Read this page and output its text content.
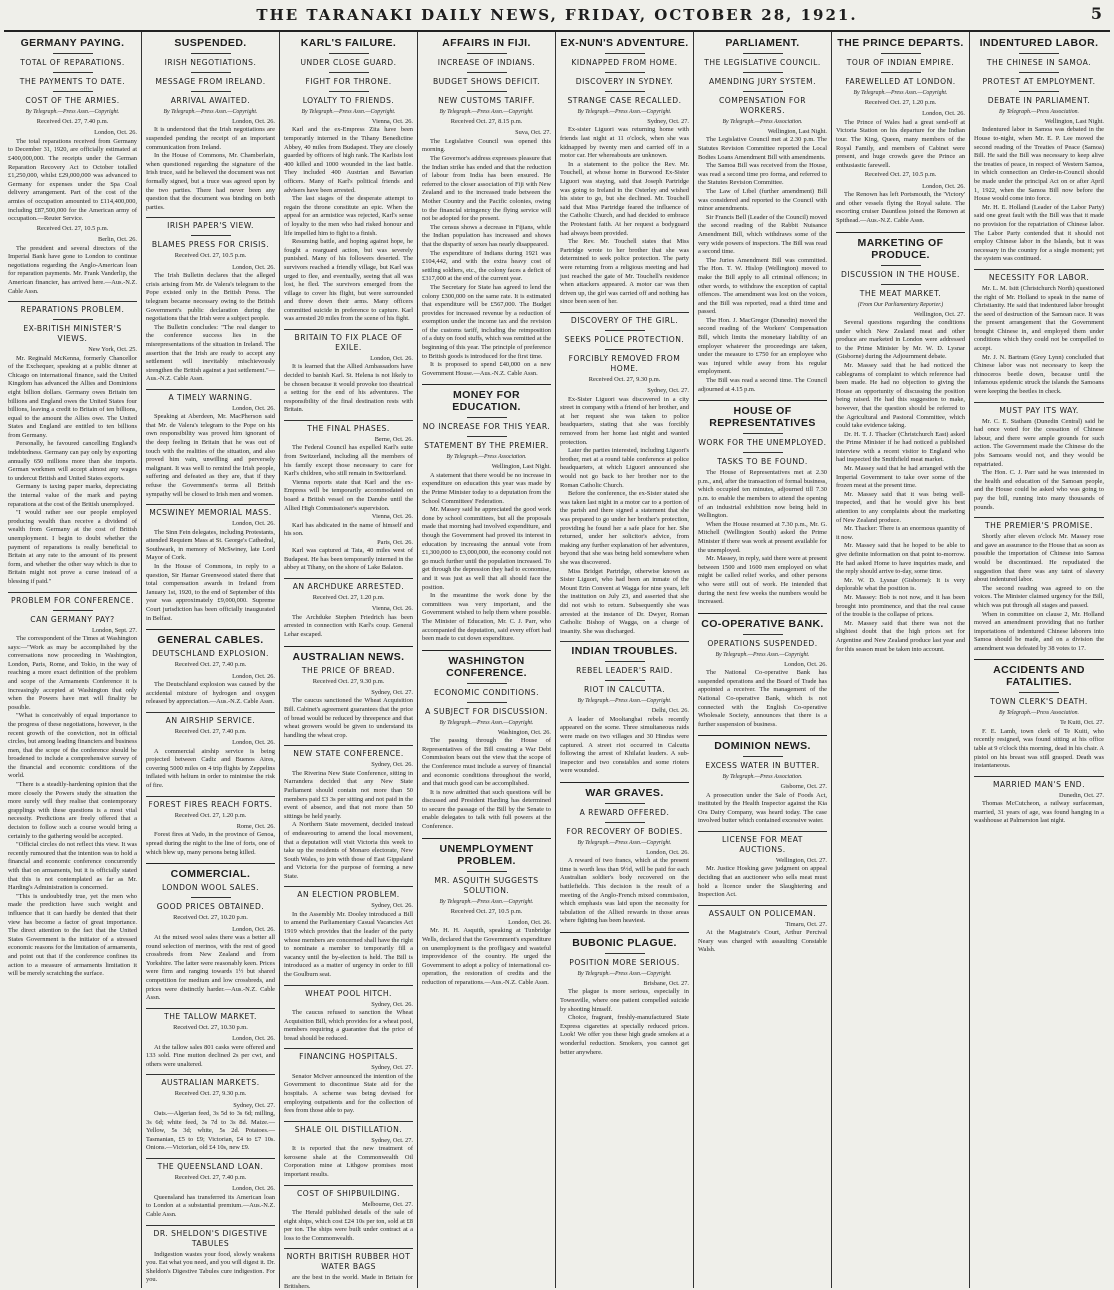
THE TARANAKI DAILY NEWS, FRIDAY, OCTOBER 28, 1921.	5
GERMANY PAYING.
TOTAL OF REPARATIONS.
THE PAYMENTS TO DATE.
COST OF THE ARMIES.
By Telegraph.—Press Assn.—Copyright.
Received Oct. 27, 7.40 p.m.
London, Oct. 26.

The total reparations received from Germany to December 31, 1920, are officially estimated at £400,000,000. The receipts under the German Reparation Recovery Act to October totalled £1,250,000, whilst £29,000,000 was advanced to Germany for expenses under the Spa Coal delivery arrangement. Part of the cost of the armies of occupation amounted to £114,400,000, including £87,500,000 for the American army of occupation.—Reuter Service.

Received Oct. 27, 10.5 p.m.
Berlin, Oct. 26.

The president and several directors of the Imperial Bank have gone to London to continue negotiations regarding the Anglo-American loan for reparation payments. Mr. Frank Vanderlip, the American financier, has arrived here.—Aus.-N.Z. Cable Assn.

REPARATIONS PROBLEM.
EX-BRITISH MINISTER'S VIEWS.
New York, Oct. 25.

Mr. Reginald McKenna, formerly Chancellor of the Exchequer, speaking at a public dinner at Chicago on international finance, said the United Kingdom has advanced the Allies and Dominions eight billion dollars. Germany owes Britain ten billions and England owes the United States four billions, leaving a credit to Britain of ten billions, equal to the amount the Allies owe. The United States and England are entitled to ten billions from Germany.

Personally, he favoured cancelling England's indebtedness. Germany can pay only by exporting annually 650 millions more than she imports. German workmen will accept almost any wages to undercut British and United States exports.

Germany is taxing paper marks, depreciating the internal value of the mark and paying reparations at the cost of the British unemployed.

"I would rather see our people employed producing wealth than receive a dividend of wealth from Germany at the cost of British unemployment. I begin to doubt whether the payment of reparations is really beneficial to Britain at any rate to the amount of its present form, and whether the other way which is due to Britain might not prove a curse instead of a blessing if paid."

PROBLEM FOR CONFERENCE.
CAN GERMANY PAY?
London, Sept. 27.

The correspondent of the Times at Washington says:—"Work as may be accomplished by the conversations now proceeding in Washington, London, Paris, Rome, and Tokio, in the way of reaching a more exact definition of the problem and scope of the Armaments Conference it is increasingly accepted at Washington that only when the Powers have met will finality be possible.

"What is conceivably of equal importance to the progress of these negotiations, however, is the recent growth of the conviction, not in official circles, but among leading financiers and business men, that the scope of the conference should be broadened to include a comprehensive survey of the financial and economic conditions of the world.

"There is a steadily-hardening opinion that the more closely the Powers study the situation the more surely will they realise that contemporary grapplings with these questions is a most vital necessity. Predictions are freely offered that a decision to follow such a course would bring a certainly to the gathering would be accepted.

"Official circles do not reflect this view. It was recently rumoured that the intention was to hold a financial and economic conference concurrently with that on armaments, but it is officially stated that this is not contemplated as far as Mr. Harding's Administration is concerned.

"This is undoubtedly true, yet the men who made the prediction have such weight and influence that it can hardly be denied that their view has become a factor of great importance. The direct attention to the fact that the United States Government is the initiator of a stressed economic reasons for the limitation of armaments, and point out that if the conference confines its action to a measure of armaments limitation it will be merely scratching the surface.

SUSPENDED.
IRISH NEGOTIATIONS.
MESSAGE FROM IRELAND.
ARRIVAL AWAITED.
By Telegraph.—Press Assn.—Copyright.
London, Oct. 26.

It is understood that the Irish negotiations are suspended pending the receipt of an important communication from Ireland.

In the House of Commons, Mr. Chamberlain, when questioned regarding the signature of the Irish truce, said he believed the document was not formally signed, but a truce was agreed upon by the two parties. There had never been any question that the document was binding on both parties.

IRISH PAPER'S VIEW.
BLAMES PRESS FOR CRISIS.
Received Oct. 27, 10.5 p.m.
London, Oct. 26.

The Irish Bulletin declares that the alleged crisis arising from Mr. de Valera's telegram to the Pope existed only in the British Press. The telegram became necessary owing to the British Government's public declaration during the negotiations that the Irish were a subject people.

The Bulletin concludes: "The real danger to the conference success lies in the misrepresentations of the situation in Ireland. The assertion that the Irish are ready to accept any settlement will inevitably mischievously strengthen the British against a just settlement."—Aus.-N.Z. Cable Assn.

A TIMELY WARNING.
London, Oct. 26.

Speaking at Aberdeen, Mr. MacPherson said that Mr. de Valera's telegram to the Pope on his own responsibility was proved him ignorant of the deep feeling in Britain that he was out of touch with the realities of the situation, and also proved him vain, unwilling and perversely malignant. It was well to remind the Irish people, suffering and defeated as they are, that if they refuse the Government's terms all British sympathy will be closed to Irish men and women.

MCSWINEY MEMORIAL MASS.
London, Oct. 26.

The Sinn Fein delegates, including Protestants, attended Requiem Mass at St. George's Cathedral, Southwark, in memory of McSwiney, late Lord Mayor of Cork.

In the House of Commons, in reply to a question, Sir Hamar Greenwood stated there that total compensation awards in Ireland from January 1st, 1920, to the end of September of this year was approximately £9,000,000. Supreme Court jurisdiction has been officially inaugurated in Belfast.

GENERAL CABLES.
DEUTSCHLAND EXPLOSION.
Received Oct. 27, 7.40 p.m.
London, Oct. 26.

The Deutschland explosion was caused by the accidental mixture of hydrogen and oxygen released by appreciation.—Aus.-N.Z. Cable Assn.

AN AIRSHIP SERVICE.
Received Oct. 27, 7.40 p.m.
London, Oct. 26.

A commercial airship service is being projected between Cadiz and Buenos Aires, covering 5000 miles on 4 trip flights by Zeppelins inflated with helium in order to minimise the risk of fire.

FOREST FIRES REACH FORTS.
Received Oct. 27, 1.20 p.m.
Rome, Oct. 26.

Forest fires at Vado, in the province of Genoa, spread during the night to the line of forts, one of which blew up, many persons being killed.

COMMERCIAL.
LONDON WOOL SALES.
GOOD PRICES OBTAINED.
Received Oct. 27, 10.20 p.m.
London, Oct. 26.

At the mixed wool sales there was a better all round selection of merinos, with the rest of good crossbreds from New Zealand and from Yorkshire. The latter were reasonably keen. Prices were firm and ranging towards 1½ but shared competition for medium and low crossbreds, and prices were distinctly harder.—Aus.-N.Z. Cable Assn.

THE TALLOW MARKET.
Received Oct. 27, 10.30 p.m.
London, Oct. 26.

At the tallow sales 801 casks were offered and 133 sold. Fine mutton declined 2s per cwt, and others were unaltered.

AUSTRALIAN MARKETS.
Received Oct. 27, 9.30 p.m.
Sydney, Oct. 27.

Oats.—Algerian feed, 3s 5d to 3s 6d; milling, 3s 6d; white feed, 3s 7d to 3s 8d. Maize.—Yellow, 5s 3d; white, 5s 2d. Potatoes.—Tasmanian, £5 to £9; Victorian, £4 to £7 10s. Onions.—Victorian, old £4 10s, new £9.

THE QUEENSLAND LOAN.
Received Oct. 27, 7.40 p.m.
London, Oct. 26.

Queensland has transferred its American loan to London at a substantial premium.—Aus.-N.Z. Cable Assn.

DR. SHELDON'S DIGESTIVE TABULES

Indigestion wastes your food, slowly weakens you. Eat what you need, and you will digest it. Dr. Sheldon's Digestive Tabules cure indigestion. For you.

KARL'S FAILURE.
UNDER CLOSE GUARD.
FIGHT FOR THRONE.
LOYALTY TO FRIENDS.
By Telegraph.—Press Assn.—Copyright.
Vienna, Oct. 26.

Karl and the ex-Empress Zita have been temporarily interned in the Tihany Benedictine Abbey, 40 miles from Budapest. They are closely guarded by officers of high rank. The Karlists lost 400 killed and 1000 wounded in the last battle. They included 400 Austrian and Bavarian officers. Many of Karl's political friends and advisers have been arrested.

The last stages of the desperate attempt to regain the throne constitute an epic. When the appeal for an armistice was rejected, Karl's sense of loyalty to the men who had risked honour and life impelled him to fight to a finish.

Resuming battle, and hoping against hope, he fought a rearguard action, but was severely punished. Many of his followers deserted. The survivors reached a friendly village, but Karl was urged to flee, and eventually, seeing that all was lost, he fled. The survivors emerged from the village to cover his flight, but were surrounded and threw down their arms. Many officers committed suicide in preference to capture. Karl was arrested 20 miles from the scene of his fight.

BRITAIN TO FIX PLACE OF EXILE.
London, Oct. 26.

It is learned that the Allied Ambassadors have decided to banish Karl. St. Helena is not likely to be chosen because it would provoke too theatrical a setting for the end of his adventures. The responsibility of the final destination rests with Britain.

THE FINAL PHASES.
Berne, Oct. 26.

The Federal Council has expelled Karl's suite from Switzerland, including all the members of his family except those necessary to care for Karl's children, who still remain in Switzerland.

Vienna reports state that Karl and the ex-Empress will be temporarily accommodated on board a British vessel on the Danube until the Allied High Commissioner's supervision.

Vienna, Oct. 26.

Karl has abdicated in the name of himself and his son.

Paris, Oct. 26.

Karl was captured at Tata, 40 miles west of Budapest. He has been temporarily interned in the abbey at Tihany, on the shore of Lake Balaton.

AN ARCHDUKE ARRESTED.
Received Oct. 27, 1.20 p.m.
Vienna, Oct. 26.

The Archduke Stephen Friedrich has been arrested in connection with Karl's coup. General Lehar escaped.

AUSTRALIAN NEWS.
THE PRICE OF BREAD.
Received Oct. 27, 9.30 p.m.
Sydney, Oct. 27.

The caucus sanctioned the Wheat Acquisition Bill. Cabinet's agreement guarantees that the price of bread would be reduced by threepence and that wheat growers would be given to understand its handling the wheat crop.

NEW STATE CONFERENCE.
Sydney, Oct. 26.

The Riverina New State Conference, sitting in Narrandera decided that any New State Parliament should contain not more than 50 members paid £3 3s per sitting and not paid in the event of absence, and that not more than 50 sittings be held yearly.

A Northern State movement, decided instead of endeavouring to amend the local movement, that a deputation will visit Victoria this week to take up the residents of Monaro electorate, New South Wales, to join with those of East Gippsland and Victoria for the purpose of forming a new State.

AN ELECTION PROBLEM.
Sydney, Oct. 26.

In the Assembly Mr. Dooley introduced a Bill to amend the Parliamentary Casual Vacancies Act 1919 which provides that the leader of the party whose members are concerned shall have the right to nominate a member to temporarily fill a vacancy until the by-election is held. The Bill is introduced as a matter of urgency in order to fill the Goulburn seat.

WHEAT POOL HITCH.
Sydney, Oct. 26.

The caucus refused to sanction the Wheat Acquisition Bill, which provides for a wheat pool, members requiring a guarantee that the price of bread should be reduced.

FINANCING HOSPITALS.
Sydney, Oct. 27.

Senator McIver announced the intention of the Government to discontinue State aid for the hospitals. A scheme was being devised for employing outpatients and for the collection of fees from those able to pay.

SHALE OIL DISTILLATION.
Sydney, Oct. 27.

It is reported that the new treatment of kerosene shale at the Commonwealth Oil Corporation mine at Lithgow promises most important results.

COST OF SHIPBUILDING.
Melbourne, Oct. 27.

The Herald published details of the sale of eight ships, which cost £24 10s per ton, sold at £8 per ton. The ships were built under contract at a loss to the Commonwealth.

NORTH BRITISH RUBBER HOT WATER BAGS

are the best in the world. Made in Britain for Britishers.

AFFAIRS IN FIJI.
INCREASE OF INDIANS.
BUDGET SHOWS DEFICIT.
NEW CUSTOMS TARIFF.
By Telegraph.—Press Assn.—Copyright.
Received Oct. 27, 8.15 p.m.
Suva, Oct. 27.

The Legislative Council was opened this morning.

The Governor's address expresses pleasure that the Indian strike has ended and that the reduction of labour from India has been ensured. He referred to the closer association of Fiji with New Zealand and to the increased trade between the Mother Country and the Pacific colonies, owing to the financial stringency the flying service will not be adopted for the present.

The census shows a decrease in Fijians, while the Indian population has increased and shows that the disparity of sexes has nearly disappeared.

The expenditure of Indians during 1921 was £104,442, and with the extra heavy cost of settling soldiers, etc., the colony faces a deficit of £317,000 at the end of the current year.

The Secretary for State has agreed to lend the colony £300,000 on the same rate. It is estimated that expenditure will be £567,000. The Budget provides for increased revenue by a reduction of exemption under the income tax and the revision of the customs tariff, including the reimposition of a duty on food stuffs, which was remitted at the beginning of this year. The principle of preference to British goods is introduced for the first time.

It is proposed to spend £40,000 on a new Government House.—Aus.-N.Z. Cable Assn.

MONEY FOR EDUCATION.
NO INCREASE FOR THIS YEAR.
STATEMENT BY THE PREMIER.
By Telegraph.—Press Association.
Wellington, Last Night.

A statement that there would be no increase in expenditure on education this year was made by the Prime Minister today to a deputation from the School Committees' Federation.

Mr. Massey said he appreciated the good work done by school committees, but all the proposals made that morning had involved expenditure, and though the Government had proved its interest in education by increasing the annual vote from £1,300,000 to £3,000,000, the economy could not go much further until the population increased. To get through the depression they had to economise, and it was just as well that all should face the position.

In the meantime the work done by the committees was very important, and the Government wished to help them where possible. The Minister of Education, Mr. C. J. Parr, who accompanied the deputation, said every effort had been made to cut down expenditure.

WASHINGTON CONFERENCE.
ECONOMIC CONDITIONS.
A SUBJECT FOR DISCUSSION.
By Telegraph.—Press Assn.—Copyright.
Washington, Oct. 26.

The passing through the House of Representatives of the Bill creating a War Debt Commission bears out the view that the scope of the Conference must include a survey of financial and economic conditions throughout the world, and that much good can be accomplished.

It is now admitted that such questions will be discussed and President Harding has determined to secure the passage of the Bill by the Senate to enable delegates to talk with full powers at the Conference.

UNEMPLOYMENT PROBLEM.
MR. ASQUITH SUGGESTS SOLUTION.
By Telegraph.—Press Assn.—Copyright.
Received Oct. 27, 10.5 p.m.
London, Oct. 26.

Mr. H. H. Asquith, speaking at Tunbridge Wells, declared that the Government's expenditure on unemployment is the profligacy and wasteful improvidence of the country. He urged the Government to adopt a policy of international co-operation, the restoration of credits and the reduction of reparations.—Aus.-N.Z. Cable Assn.

EX-NUN'S ADVENTURE.
KIDNAPPED FROM HOME.
DISCOVERY IN SYDNEY.
STRANGE CASE RECALLED.
By Telegraph.—Press Assn.—Copyright.
Sydney, Oct. 27.

Ex-sister Liguori was returning home with friends last night at 11 o'clock, when she was kidnapped by twenty men and carried off in a motor car. Her whereabouts are unknown.

In a statement to the police the Rev. Mr. Touchell, at whose home in Burwood Ex-Sister Liguori was staying, said that Joseph Partridge was going to Ireland in the Osterley and wished his sister to go, but she declined. Mr. Touchell said that Miss Partridge feared the influence of the Catholic Church, and had decided to embrace the Protestant faith. At her request a bodyguard had always been provided.

The Rev. Mr. Touchell states that Miss Partridge wrote to her brother that she was determined to seek police protection. The party were returning from a religious meeting and had just reached the gate of Mr. Touchell's residence when attackers appeared. A motor car was then driven up, the girl was carried off and nothing has since been seen of her.

DISCOVERY OF THE GIRL.
SEEKS POLICE PROTECTION.
FORCIBLY REMOVED FROM HOME.
Received Oct. 27, 9.30 p.m.
Sydney, Oct. 27.

Ex-Sister Liguori was discovered in a city street in company with a friend of her brother, and at her request she was taken to police headquarters, stating that she was forcibly removed from her home last night and wanted protection.

Later the parties interested, including Liguori's brother, met at a round table conference at police headquarters, at which Liguori announced she would not go back to her brother nor to the Roman Catholic Church.

Before the conference, the ex-Sister stated she was taken last night in a motor car to a portion of the parish and there signed a statement that she was prepared to go under her brother's protection, providing he found her a safe place for her. She returned, under her solicitor's advice, from making any further explanation of her adventures, beyond that she was being held somewhere when she was discovered.

Miss Bridget Partridge, otherwise known as Sister Liguori, who had been an inmate of the Mount Erin Convent at Wagga for nine years, left the institution on July 23, and asserted that she did not wish to return. Subsequently she was arrested at the instance of Dr. Dwyer, Roman Catholic Bishop of Wagga, on a charge of insanity. She was discharged.

INDIAN TROUBLES.
REBEL LEADER'S RAID.
RIOT IN CALCUTTA.
By Telegraph.—Press Assn.—Copyright.
Delhi, Oct. 26.

A leader of Mooltanghai rebels recently appeared on the scene. Three simultaneous raids were made on two villages and 30 Hindus were captured. A street riot occurred in Calcutta following the arrest of Khilafat leaders. A sub-inspector and two constables and some rioters were wounded.

WAR GRAVES.
A REWARD OFFERED.
FOR RECOVERY OF BODIES.
By Telegraph.—Press Assn.—Copyright.
London, Oct. 26.

A reward of two francs, which at the present time is worth less than 9½d, will be paid for each Australian soldier's body recovered on the battlefields. This decision is the result of a meeting of the Anglo-French mixed commission, which emphasis was laid upon the necessity for tabulation of the Allied rewards in those areas where fighting has been heaviest.

BUBONIC PLAGUE.
POSITION MORE SERIOUS.
By Telegraph.—Press Assn.—Copyright.
Brisbane, Oct. 27.

The plague is more serious, especially in Townsville, where one patient compelled suicide by shooting himself.

Choice, fragrant, freshly-manufactured State Express cigarettes at specially reduced prices. Look! We offer you these high grade smokes at a wonderful reduction. Smokers, you cannot get better anywhere.

PARLIAMENT.
THE LEGISLATIVE COUNCIL.
AMENDING JURY SYSTEM.
COMPENSATION FOR WORKERS.
By Telegraph.—Press Association.
Wellington, Last Night.

The Legislative Council met at 2.30 p.m. The Statutes Revision Committee reported the Local Bodies Loans Amendment Bill with amendments.

The Samoa Bill was received from the House, was read a second time pro forma, and referred to the Statutes Revision Committee.

The Law of Libel (further amendment) Bill was considered and reported to the Council with minor amendments.

Sir Francis Bell (Leader of the Council) moved the second reading of the Rabbit Nuisance Amendment Bill, which withdraws some of the very wide powers of inspectors. The Bill was read a second time.

The Juries Amendment Bill was committed. The Hon. T. W. Hislop (Wellington) moved to make the Bill apply to all criminal offences; in other words, to withdraw the exception of capital offences. The amendment was lost on the voices, and the Bill was reported, read a third time and passed.

The Hon. J. MacGregor (Dunedin) moved the second reading of the Workers' Compensation Bill, which limits the monetary liability of an employer whatever the proceedings are taken, under the measure to £750 for an employee who was injured while away from his regular employment.

The Bill was read a second time. The Council adjourned at 4.15 p.m.

HOUSE OF REPRESENTATIVES
WORK FOR THE UNEMPLOYED.
TASKS TO BE FOUND.

The House of Representatives met at 2.30 p.m., and, after the transaction of formal business, which occupied ten minutes, adjourned till 7.30 p.m. to enable the members to attend the opening of an industrial exhibition now being held in Wellington.

When the House resumed at 7.30 p.m., Mr. G. Mitchell (Wellington South) asked the Prime Minister if there was work at present available for the unemployed.

Mr. Massey, in reply, said there were at present between 1500 and 1600 men employed on what might be called relief works, and other persons who were still out of work. He intended that during the next few weeks the numbers would be increased.

CO-OPERATIVE BANK.
OPERATIONS SUSPENDED.
By Telegraph.—Press Assn.—Copyright.
London, Oct. 26.

The National Co-operative Bank has suspended operations and the Board of Trade has appointed a receiver. The management of the National Co-operative Bank, which is not connected with the English Co-operative Wholesale Society, announces that there is a further suspension of business.

DOMINION NEWS.
EXCESS WATER IN BUTTER.
By Telegraph.—Press Association.
Gisborne, Oct. 27.

A prosecution under the Sale of Foods Act, instituted by the Health Inspector against the Kia Ora Dairy Company, was heard today. The case involved butter which contained excessive water.

LICENSE FOR MEAT AUCTIONS.
Wellington, Oct. 27.

Mr. Justice Hosking gave judgment on appeal deciding that an auctioneer who sells meat must hold a licence under the Slaughtering and Inspection Act.

ASSAULT ON POLICEMAN.
Timaru, Oct. 27.

At the Magistrate's Court, Arthur Percival Neary was charged with assaulting Constable Walsh.

THE PRINCE DEPARTS.
TOUR OF INDIAN EMPIRE.
FAREWELLED AT LONDON.
By Telegraph.—Press Assn.—Copyright.
Received Oct. 27, 1.20 p.m.
London, Oct. 26.

The Prince of Wales had a great send-off at Victoria Station on his departure for the Indian tour. The King, Queen, many members of the Royal Family, and members of Cabinet were present, and huge crowds gave the Prince an enthusiastic farewell.

Received Oct. 27, 10.5 p.m.
London, Oct. 26.

The Renown has left Portsmouth, the 'Victory' and other vessels flying the Royal salute. The escorting cruiser Dauntless joined the Renown at Spithead.—Aus.-N.Z. Cable Assn.

MARKETING OF PRODUCE.
DISCUSSION IN THE HOUSE.
THE MEAT MARKET.
(From Our Parliamentary Reporter.)
Wellington, Oct. 27.

Several questions regarding the conditions under which New Zealand meat and other produce are marketed in London were addressed to the Prime Minister by Mr. W. D. Lysnar (Gisborne) during the Adjournment debate.

Mr. Massey said that he had noticed the cablegrams of complaint to which reference had been made. He had no objection to giving the House an opportunity of discussing the position being raised. He had this suggestion to make, however, that the question should be referred to the Agricultural and Pastoral Committee, which could take evidence taking.

Dr. H. T. J. Thacker (Christchurch East) asked the Prime Minister if he had noticed a published interview with a recent visitor to England who had inspected the Smithfield meat market.

Mr. Massey said that he had arranged with the Imperial Government to take over some of the frozen meat at the present time.

Mr. Massey said that it was being well-inspected, and that he would give his best attention to any complaints about the marketing of New Zealand produce.

Mr. Thacker: There is an enormous quantity of it now.

Mr. Massey said that he hoped to be able to give definite information on that point to-morrow. He had asked Home to have inquiries made, and the reply should arrive to-day, some time.

Mr. W. D. Lysnar (Gisborne): It is very deplorable what the position is.

Mr. Massey: Bob is not now, and it has been brought into prominence, and that the real cause of the trouble is the collapse of prices.

Mr. Massey said that there was not the slightest doubt that the high prices set for Argentine and New Zealand produce last year and for this season must be taken into account.

INDENTURED LABOR.
THE CHINESE IN SAMOA.
PROTEST AT EMPLOYMENT.
DEBATE IN PARLIAMENT.
By Telegraph.—Press Association.
Wellington, Last Night.

Indentured labor in Samoa was debated in the House to-night, when Mr. E. P. Lee moved the second reading of the Treaties of Peace (Samoa) Bill. He said the Bill was necessary to keep alive the treaties of peace, in respect of Western Samoa, in which connection an Order-in-Council should be made under the principal Act on or after April 1, 1922, when the Samoa Bill now before the House would come into force.

Mr. H. E. Holland (Leader of the Labor Party) said one great fault with the Bill was that it made no provision for the repatriation of Chinese labor. The Labor Party contended that it should not employ Chinese labor in the Islands, but it was necessary in the country for a single moment; yet the system was continued.

NECESSITY FOR LABOR.

Mr. L. M. Isitt (Christchurch North) questioned the right of Mr. Holland to speak in the name of Christianity. He said that indentured labor brought the seed of destruction of the Samoan race. It was the present arrangement that the Government brought Chinese in, and employed them under conditions which they could not be compelled to accept.

Mr. J. N. Bartram (Grey Lynn) concluded that Chinese labor was not necessary to keep the rhinoceros beetle down, because until the infamous epidemic struck the islands the Samoans were keeping the beetles in check.

MUST PAY ITS WAY.

Mr. C. E. Statham (Dunedin Central) said he had once voted for the cessation of Chinese labour, and there were ample grounds for such action. The Government made the Chinese do the jobs Samoans would not, and they would be repatriated.

The Hon. C. J. Parr said he was interested in the health and education of the Samoan people, and the House could be asked who was going to pay the bill, running into many thousands of pounds.

THE PREMIER'S PROMISE.

Shortly after eleven o'clock Mr. Massey rose and gave an assurance to the House that as soon as possible the importation of Chinese into Samoa would be discontinued. He repudiated the suggestion that there was any taint of slavery about indentured labor.

The second reading was agreed to on the voices. The Minister claimed urgency for the Bill, which was put through all stages and passed.

When in committee on clause 2, Mr. Holland moved an amendment providing that no further importations of indentured Chinese laborers into Samoa should be made, and on a division the amendment was defeated by 38 votes to 17.

ACCIDENTS AND FATALITIES.
TOWN CLERK'S DEATH.
By Telegraph.—Press Association.
Te Kuiti, Oct. 27.

F. E. Lamb, town clerk of Te Kuiti, who recently resigned, was found sitting at his office table at 9 o'clock this morning, dead in his chair. A pistol on his breast was still grasped. Death was instantaneous.

MARRIED MAN'S END.
Dunedin, Oct. 27.

Thomas McCutcheon, a railway surfaceman, married, 31 years of age, was found hanging in a washhouse at Palmerston last night.
